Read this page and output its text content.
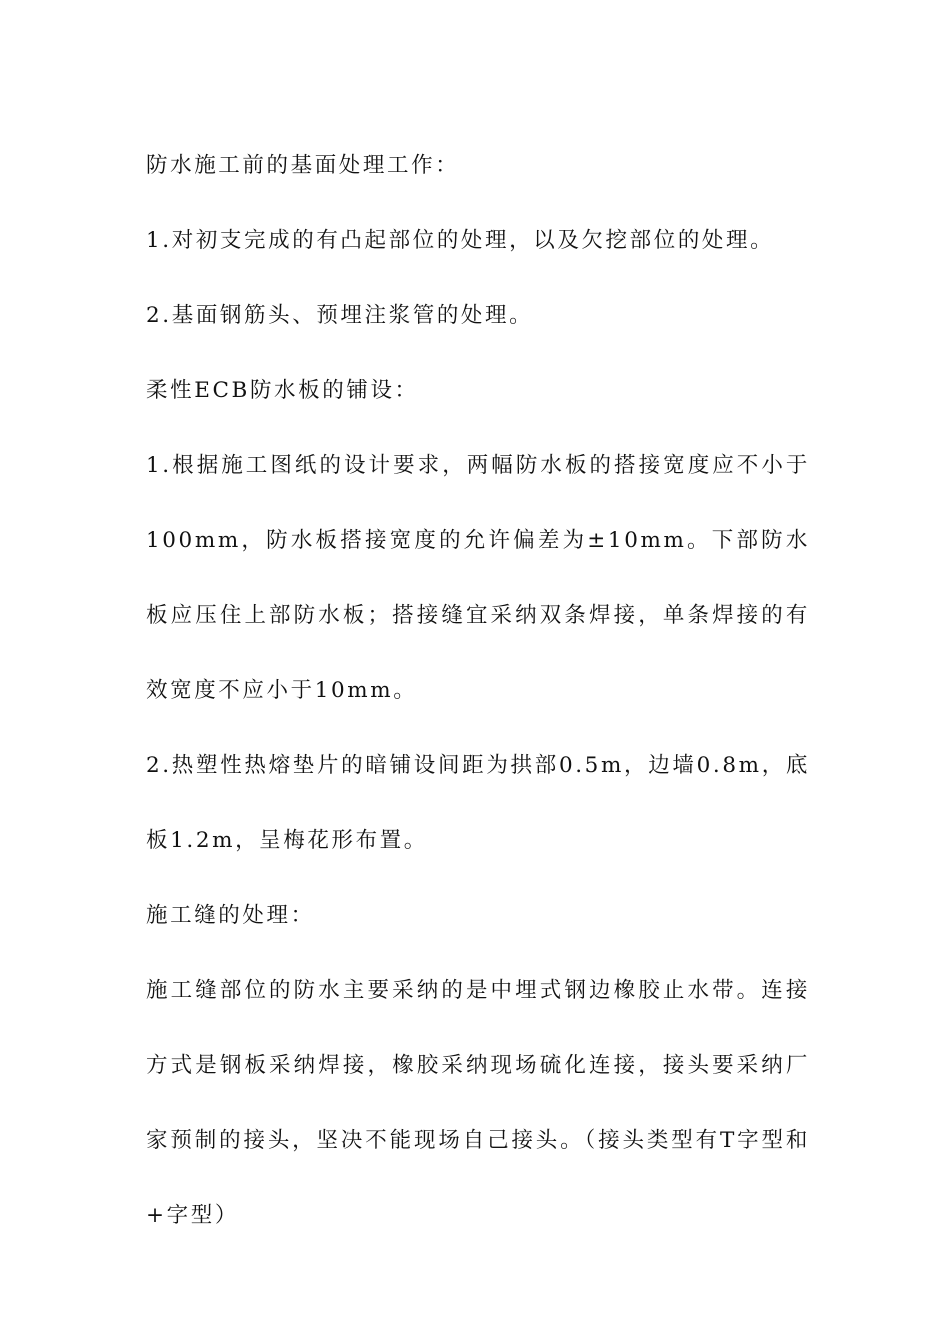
防水施工前的基面处理工作：

1.对初支完成的有凸起部位的处理，以及欠挖部位的处理。

2.基面钢筋头、预埋注浆管的处理。

柔性ECB防水板的铺设：

1.根据施工图纸的设计要求，两幅防水板的搭接宽度应不小于100mm，防水板搭接宽度的允许偏差为±10mm。下部防水板应压住上部防水板；搭接缝宜采纳双条焊接，单条焊接的有效宽度不应小于10mm。

2.热塑性热熔垫片的暗铺设间距为拱部0.5m，边墙0.8m，底板1.2m，呈梅花形布置。

施工缝的处理：

施工缝部位的防水主要采纳的是中埋式钢边橡胶止水带。连接方式是钢板采纳焊接，橡胶采纳现场硫化连接，接头要采纳厂家预制的接头，坚决不能现场自己接头。（接头类型有T字型和+字型）
